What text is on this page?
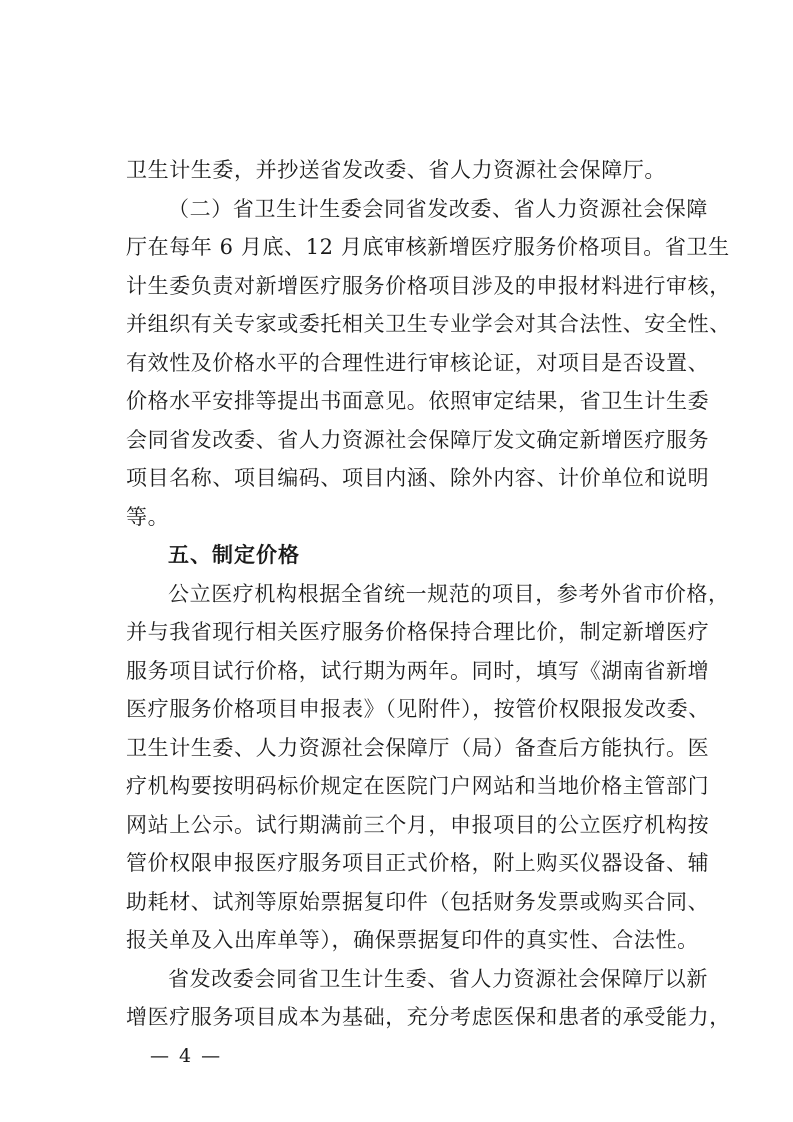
卫生计生委，并抄送省发改委、省人力资源社会保障厅。
（二）省卫生计生委会同省发改委、省人力资源社会保障
厅在每年 6 月底、12 月底审核新增医疗服务价格项目。省卫生
计生委负责对新增医疗服务价格项目涉及的申报材料进行审核，
并组织有关专家或委托相关卫生专业学会对其合法性、安全性、
有效性及价格水平的合理性进行审核论证，对项目是否设置、
价格水平安排等提出书面意见。依照审定结果，省卫生计生委
会同省发改委、省人力资源社会保障厅发文确定新增医疗服务
项目名称、项目编码、项目内涵、除外内容、计价单位和说明
等。
五、制定价格
公立医疗机构根据全省统一规范的项目，参考外省市价格，
并与我省现行相关医疗服务价格保持合理比价，制定新增医疗
服务项目试行价格，试行期为两年。同时，填写《湖南省新增
医疗服务价格项目申报表》（见附件），按管价权限报发改委、
卫生计生委、人力资源社会保障厅（局）备查后方能执行。医
疗机构要按明码标价规定在医院门户网站和当地价格主管部门
网站上公示。试行期满前三个月，申报项目的公立医疗机构按
管价权限申报医疗服务项目正式价格，附上购买仪器设备、辅
助耗材、试剂等原始票据复印件（包括财务发票或购买合同、
报关单及入出库单等），确保票据复印件的真实性、合法性。
省发改委会同省卫生计生委、省人力资源社会保障厅以新
增医疗服务项目成本为基础，充分考虑医保和患者的承受能力，
— 4 —
